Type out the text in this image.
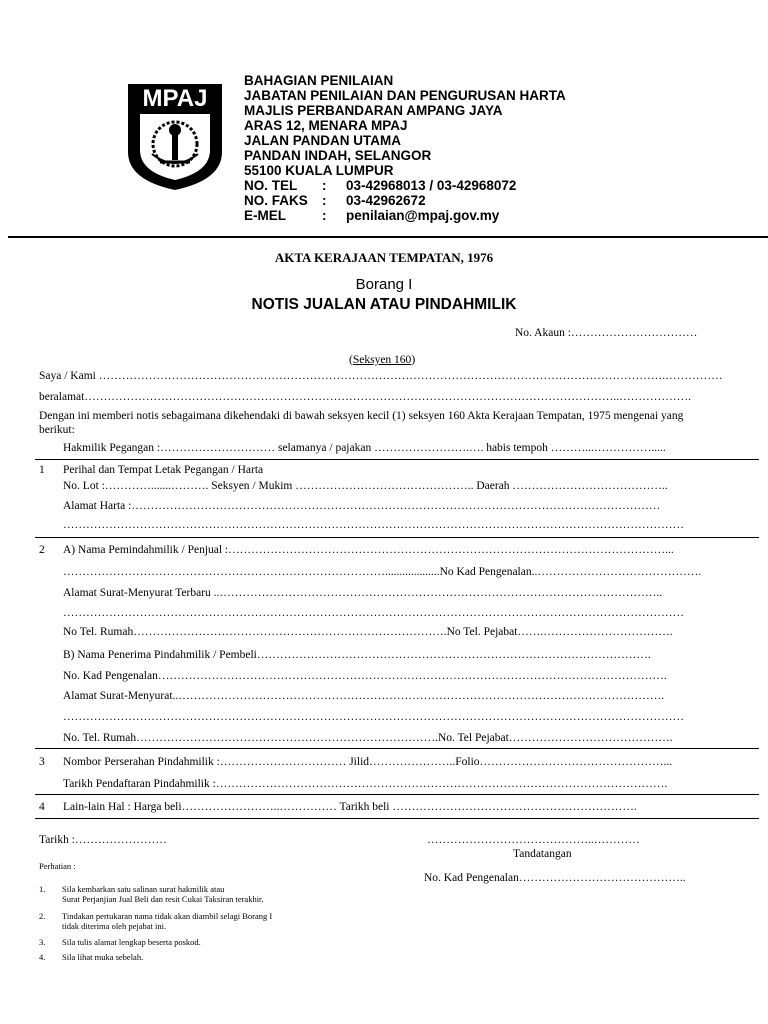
MPAJ
BAHAGIAN PENILAIAN
JABATAN PENILAIAN DAN PENGURUSAN HARTA
MAJLIS PERBANDARAN AMPANG JAYA
ARAS 12, MENARA MPAJ
JALAN PANDAN UTAMA
PANDAN INDAH, SELANGOR
55100 KUALA LUMPUR
NO. TEL : 03-42968013 / 03-42968072
NO. FAKS : 03-42962672
E-MEL	: penilaian@mpaj.gov.my
AKTA KERAJAAN TEMPATAN, 1976
Borang I
NOTIS JUALAN ATAU PINDAHMILIK
No. Akaun :……………………………
(Seksyen 160)
Saya / Kami ………………………………………………………………………………………………………………………………….……………
beralamat…………………………………………………………………………………………………………………………..……………….
Dengan ini memberi notis sebagaimana dikehendaki di bawah seksyen kecil (1) seksyen 160 Akta Kerajaan Tempatan, 1975 mengenai yang
berikut:
Hakmilik Pegangan :………………………… selamanya / pajakan …………………….…. habis tempoh ………...…………….....
1 Perihal dan Tempat Letak Pegangan / Harta
No. Lot :………….......………. Seksyen / Mukim ……………………………………….. Daerah …………………………………..
Alamat Harta :…………………………………………………………………………………………………………………………
………………………………………………………………………………………………………………………………………………
2 A) Nama Pemindahmilik / Penjual :……………………………………………………………………………………………………...
…………………………………………………………………………...................No Kad Pengenalan..…………………………………….
Alamat Surat-Menyurat Terbaru ..……………………………………………………………………………………………………..
………………………………………………………………………………………………………………………………………………
No Tel. Rumah……………………………………………………………………….No Tel. Pejabat…….…………………………….
B) Nama Penerima Pindahmilik / Pembeli………………………………………………………………………………………….
No. Kad Pengenalan…………………………………………………………………………………………………………………….
Alamat Surat-Menyurat..……………………………………………………………………………………………………………….
………………………………………………………………………………………………………………………………………………
No. Tel. Rumah…………………………………………………………………….No. Tel Pejabat…………………………………….
3 Nombor Perserahan Pindahmilik :…………………………… Jilid…………………..Folio…………………………………………...
Tarikh Pendaftaran Pindahmilik :……………………………………………………………………………………………………….
4 Lain-lain Hal : Harga beli……………………..…………… Tarikh beli ……………………………………………………….
Tarikh :……………………	……………………………………..…………
Tandatangan
No. Kad Pengenalan……………………………………..
Perhatian :
1. Sila kembarkan satu salinan surat hakmilik atau
Surat Perjanjian Jual Beli dan resit Cukai Taksiran terakhir.
2. Tindakan pertukaran nama tidak akan diambil selagi Borang I
tidak diterima oleh pejabat ini.
3. Sila tulis alamat lengkap beserta poskod.
4. Sila lihat muka sebelah.
